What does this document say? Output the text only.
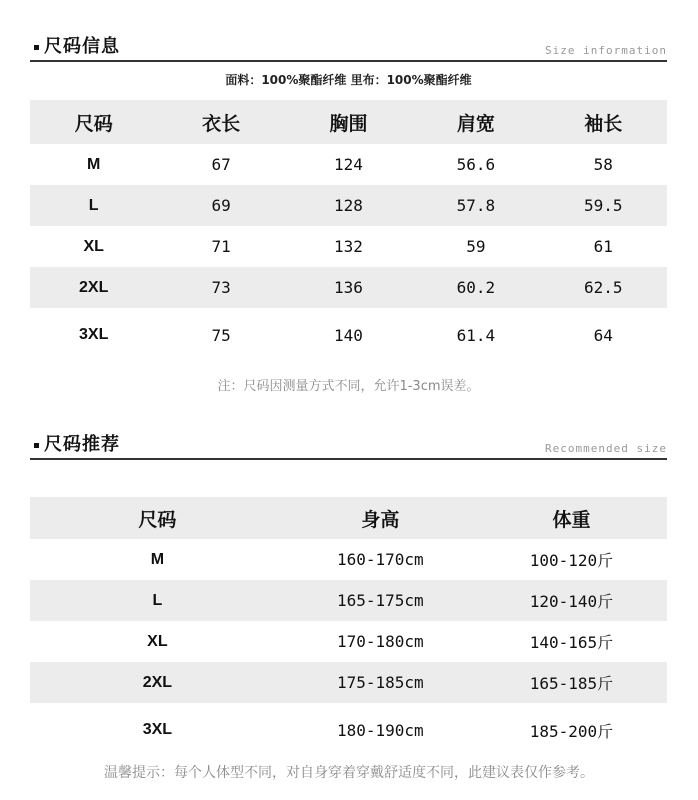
尺码信息	Size information
面料：100%聚酯纤维 里布：100%聚酯纤维
尺码	衣长	胸围	肩宽	袖长
M	67	124	56.6	58
L	69	128	57.8	59.5
XL	71	132	59	61
2XL	73	136	60.2	62.5
3XL	75	140	61.4	64
注：尺码因测量方式不同，允许1-3cm误差。
尺码推荐	Recommended size
尺码	身高	体重
M	160-170cm	100-120斤
L	165-175cm	120-140斤
XL	170-180cm	140-165斤
2XL	175-185cm	165-185斤
3XL	180-190cm	185-200斤
温馨提示：每个人体型不同，对自身穿着穿戴舒适度不同，此建议表仅作参考。
